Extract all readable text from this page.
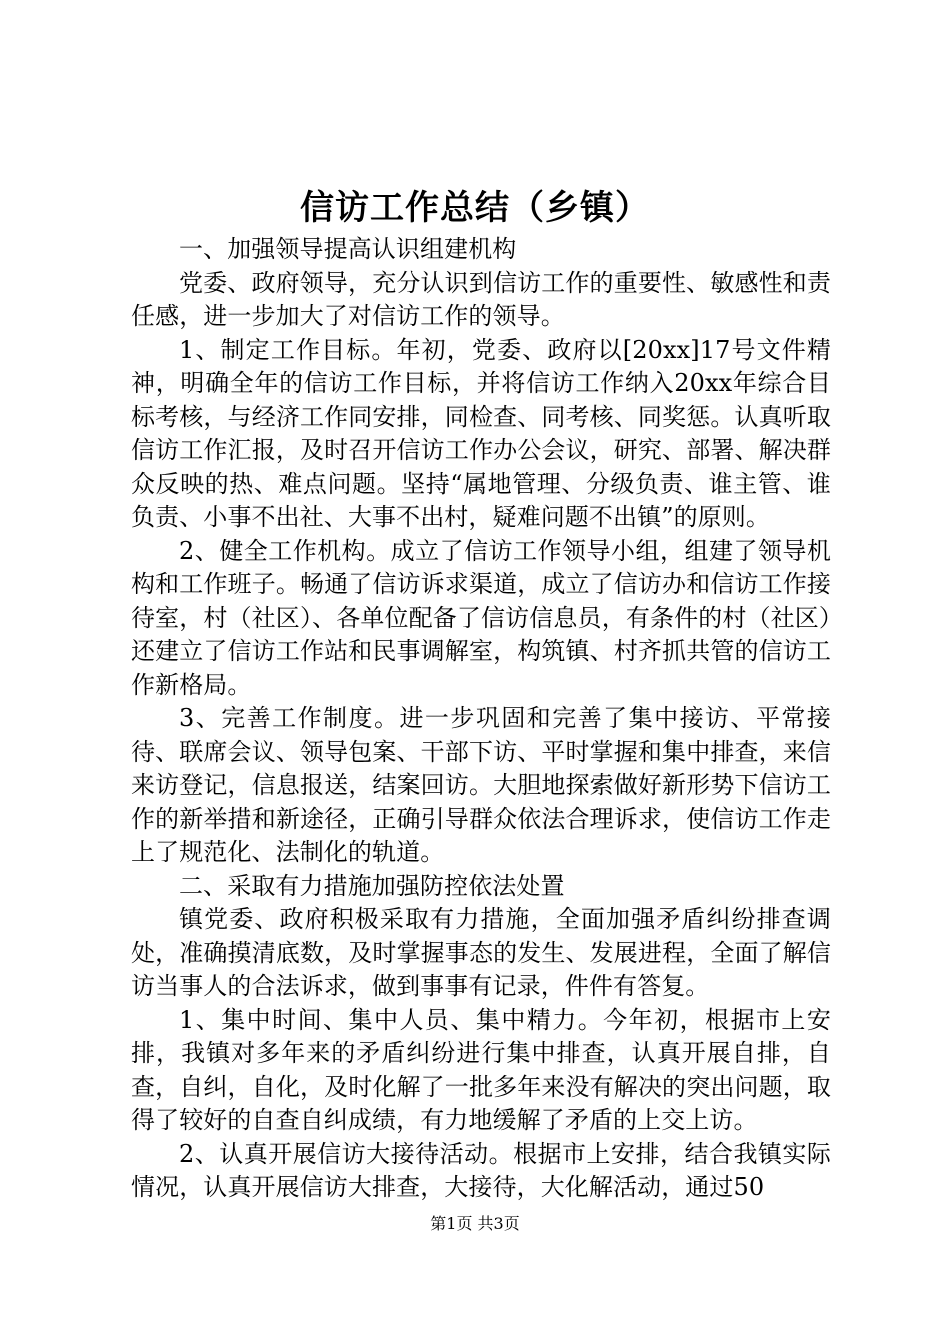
信访工作总结（乡镇）

一、加强领导提高认识组建机构

党委、政府领导，充分认识到信访工作的重要性、敏感性和责任感，进一步加大了对信访工作的领导。

1、制定工作目标。年初，党委、政府以[20xx]17号文件精神，明确全年的信访工作目标，并将信访工作纳入20xx年综合目标考核，与经济工作同安排，同检查、同考核、同奖惩。认真听取信访工作汇报，及时召开信访工作办公会议，研究、部署、解决群众反映的热、难点问题。坚持“属地管理、分级负责、谁主管、谁负责、小事不出社、大事不出村，疑难问题不出镇”的原则。

2、健全工作机构。成立了信访工作领导小组，组建了领导机构和工作班子。畅通了信访诉求渠道，成立了信访办和信访工作接待室，村（社区）、各单位配备了信访信息员，有条件的村（社区）还建立了信访工作站和民事调解室，构筑镇、村齐抓共管的信访工作新格局。

3、完善工作制度。进一步巩固和完善了集中接访、平常接待、联席会议、领导包案、干部下访、平时掌握和集中排查，来信来访登记，信息报送，结案回访。大胆地探索做好新形势下信访工作的新举措和新途径，正确引导群众依法合理诉求，使信访工作走上了规范化、法制化的轨道。

二、采取有力措施加强防控依法处置

镇党委、政府积极采取有力措施，全面加强矛盾纠纷排查调处，准确摸清底数，及时掌握事态的发生、发展进程，全面了解信访当事人的合法诉求，做到事事有记录，件件有答复。

1、集中时间、集中人员、集中精力。今年初，根据市上安排，我镇对多年来的矛盾纠纷进行集中排查，认真开展自排，自查，自纠，自化，及时化解了一批多年来没有解决的突出问题，取得了较好的自查自纠成绩，有力地缓解了矛盾的上交上访。

2、认真开展信访大接待活动。根据市上安排，结合我镇实际情况，认真开展信访大排查，大接待，大化解活动，通过50

第1页 共3页
